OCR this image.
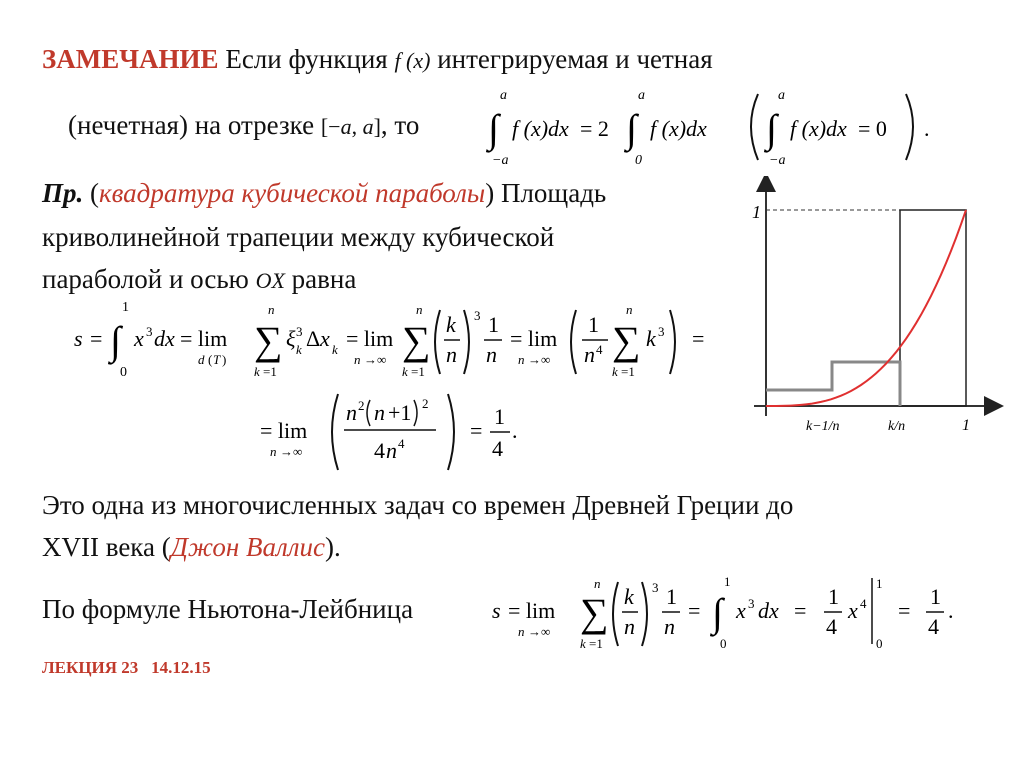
ЗАМЕЧАНИЕ Если функция f (x) интегрируемая и четная
(нечетная) на отрезке [−a, a], то
a
∫
−a
f (x)dx = 2
a
∫
0
f (x)dx
a
∫
−a
f (x)dx = 0 .
Пр. (квадратура кубической параболы) Площадь
криволинейной трапеции между кубической
параболой и осью OX равна
s =
1
∫
0
x 3 dx = lim
d ( T )
n
∑
k =1
ξ 3
k Δ x k = lim
n →∞
n
∑
k =1
k
n
3 1
n
= lim
n →∞
1
n 4
n
∑
k =1
k 3 =
= lim
n →∞
n 2 n +1 2
4 n 4
=
1
4
.
1
k−1/n	k/n	1
Это одна из многочисленных задач со времен Древней Греции до
XVII века (Джон Валлис).
По формуле Ньютона-Лейбница	s = lim
n →∞
n
∑
k =1
k
n
3 1
n
=
1
∫
0
x 3 dx =
1
4
x 4
1
0
=
1
4
.
ЛЕКЦИЯ 23 14.12.15
